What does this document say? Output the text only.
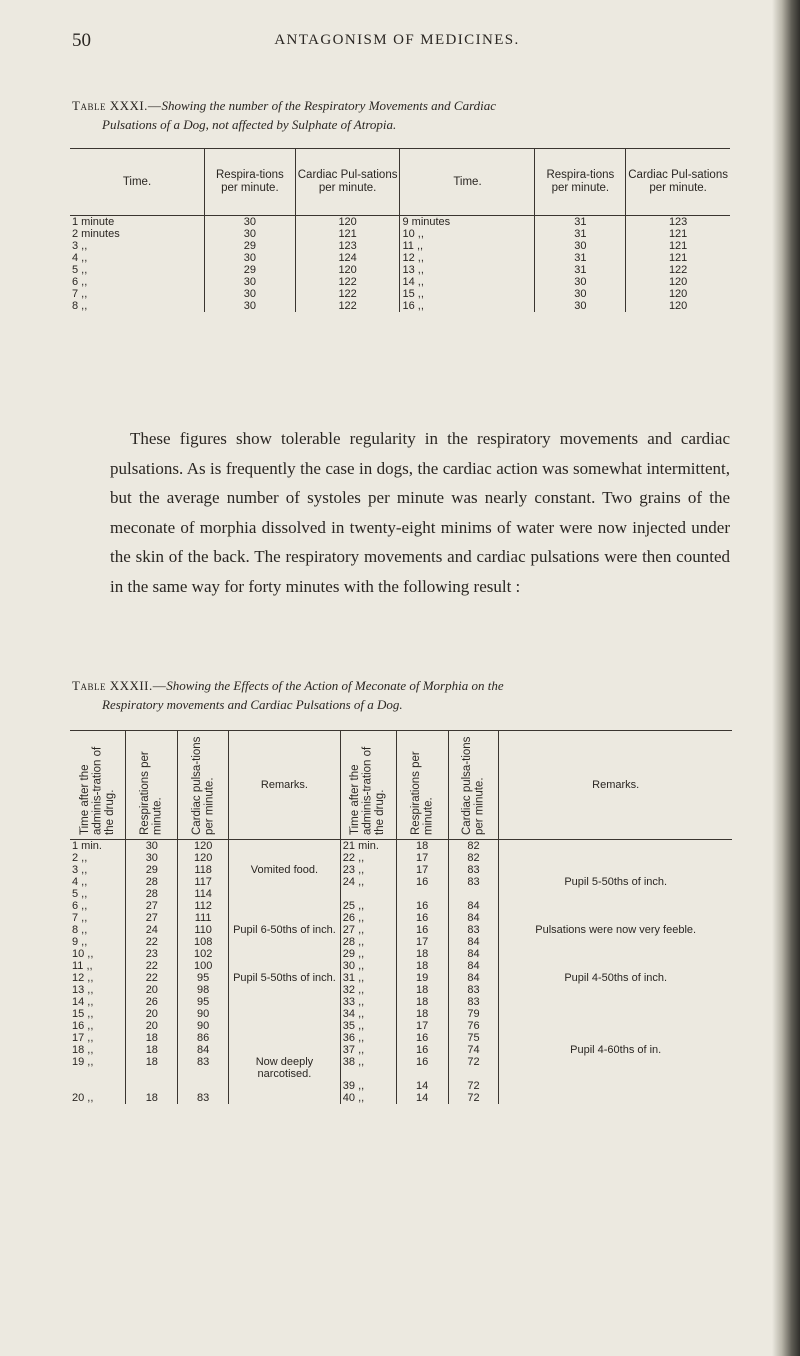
50	ANTAGONISM OF MEDICINES.
Table XXXI.—Showing the number of the Respiratory Movements and Cardiac
Pulsations of a Dog, not affected by Sulphate of Atropia.
Time.	Respira-tions per minute.	Cardiac Pul-sations per minute.	Time.	Respira-tions per minute.	Cardiac Pul-sations per minute.
1 minute	30	120	9 minutes	31	123
2 minutes	30	121	10 ,,	31	121
3 ,,	29	123	11 ,,	30	121
4 ,,	30	124	12 ,,	31	121
5 ,,	29	120	13 ,,	31	122
6 ,,	30	122	14 ,,	30	120
7 ,,	30	122	15 ,,	30	120
8 ,,	30	122	16 ,,	30	120

These figures show tolerable regularity in the respiratory movements and cardiac pulsations. As is frequently the case in dogs, the cardiac action was somewhat intermittent, but the average number of systoles per minute was nearly constant. Two grains of the meconate of morphia dissolved in twenty-eight minims of water were now injected under the skin of the back. The respiratory movements and cardiac pulsations were then counted in the same way for forty minutes with the following result :

Table XXXII.—Showing the Effects of the Action of Meconate of Morphia on the
Respiratory movements and Cardiac Pulsations of a Dog.
Time after the adminis-tration of the drug.	Respirations per minute.	Cardiac pulsa-tions per minute.	Remarks.	Time after the adminis-tration of the drug.	Respirations per minute.	Cardiac pulsa-tions per minute.	Remarks.
1 min.	30	120		21 min.	18	82	
2 ,,	30	120		22 ,,	17	82	
3 ,,	29	118	Vomited food.	23 ,,	17	83	
4 ,,	28	117		24 ,,	16	83	Pupil 5-50ths of inch.
5 ,,	28	114					
6 ,,	27	112		25 ,,	16	84	
7 ,,	27	111		26 ,,	16	84	
8 ,,	24	110	Pupil 6-50ths of inch.	27 ,,	16	83	Pulsations were now very feeble.
9 ,,	22	108		28 ,,	17	84	
10 ,,	23	102		29 ,,	18	84	
11 ,,	22	100		30 ,,	18	84	
12 ,,	22	95	Pupil 5-50ths of inch.	31 ,,	19	84	Pupil 4-50ths of inch.
13 ,,	20	98		32 ,,	18	83	
14 ,,	26	95		33 ,,	18	83	
15 ,,	20	90		34 ,,	18	79	
16 ,,	20	90		35 ,,	17	76	
17 ,,	18	86		36 ,,	16	75	
18 ,,	18	84		37 ,,	16	74	Pupil 4-60ths of in.
19 ,,	18	83	Now deeply narcotised.	38 ,,	16	72	
				39 ,,	14	72	
20 ,,	18	83		40 ,,	14	72	
